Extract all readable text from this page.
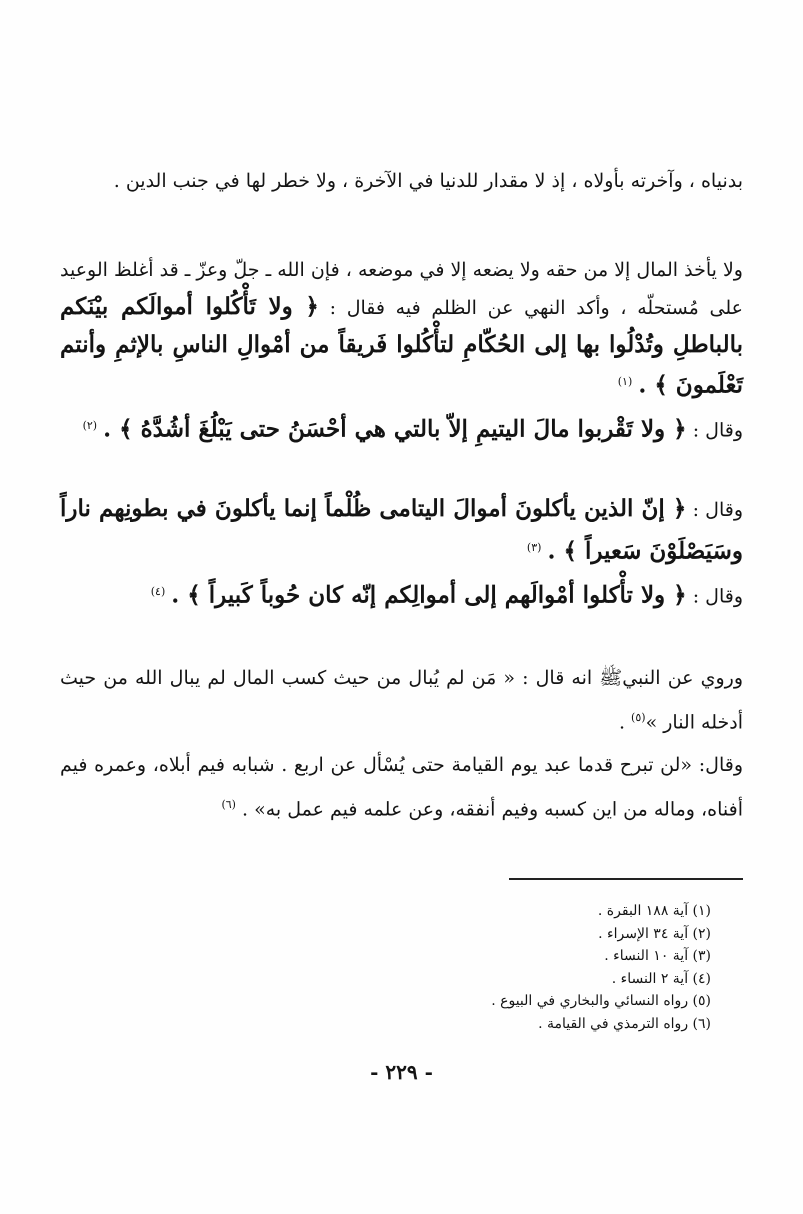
بدنياه ، وآخرته بأولاه ، إذ لا مقدار للدنيا في الآخرة ، ولا خطر لها في جنب الدين .

ولا يأخذ المال إلا من حقه ولا يضعه إلا في موضعه ، فإن الله ـ جلّ وعزّ ـ قد أغلظ الوعيد على مُستحلّه ، وأكد النهي عن الظلم فيه فقال : ﴿ ولا تَأْكُلوا أموالَكم بيْنَكم بالباطلِ وتُدْلُوا بها إلى الحُكّامِ لتأْكُلوا فَريقاً من أمْوالِ الناسِ بالإثمِ وأنتم تَعْلَمونَ ﴾ . $^{(١)}$
وقال : ﴿ ولا تَقْربوا مالَ اليتيمِ إلاّ بالتي هي أحْسَنُ حتى يَبْلُغَ أشُدَّهُ ﴾ . $^{(٢)}$
وقال : ﴿ إنّ الذين يأكلونَ أموالَ اليتامى ظُلْماً إنما يأكلونَ في بطونِهم ناراً وسَيَصْلَوْنَ سَعيراً ﴾ . $^{(٣)}$
وقال : ﴿ ولا تأْكلوا أمْوالَهم إلى أموالِكم إنّه كان حُوباً كَبيراً ﴾ . $^{(٤)}$
وروي عن النبيﷺ انه قال : « مَن لم يُبال من حيث كسب المال لم يبال الله من حيث أدخله النار »$^{(٥)}$ .
وقال: «لن تبرح قدما عبد يوم القيامة حتى يُسْأل عن اربع . شبابه فيم أبلاه، وعمره فيم أفناه، وماله من اين كسبه وفيم أنفقه، وعن علمه فيم عمل به» . $^{(٦)}$
(١) آية ١٨٨ البقرة .
(٢) آية ٣٤ الإسراء .
(٣) آية ١٠ النساء .
(٤) آية ٢ النساء .
(٥) رواه النسائي والبخاري في البيوع .
(٦) رواه الترمذي في القيامة .
- ٢٢٩ -
